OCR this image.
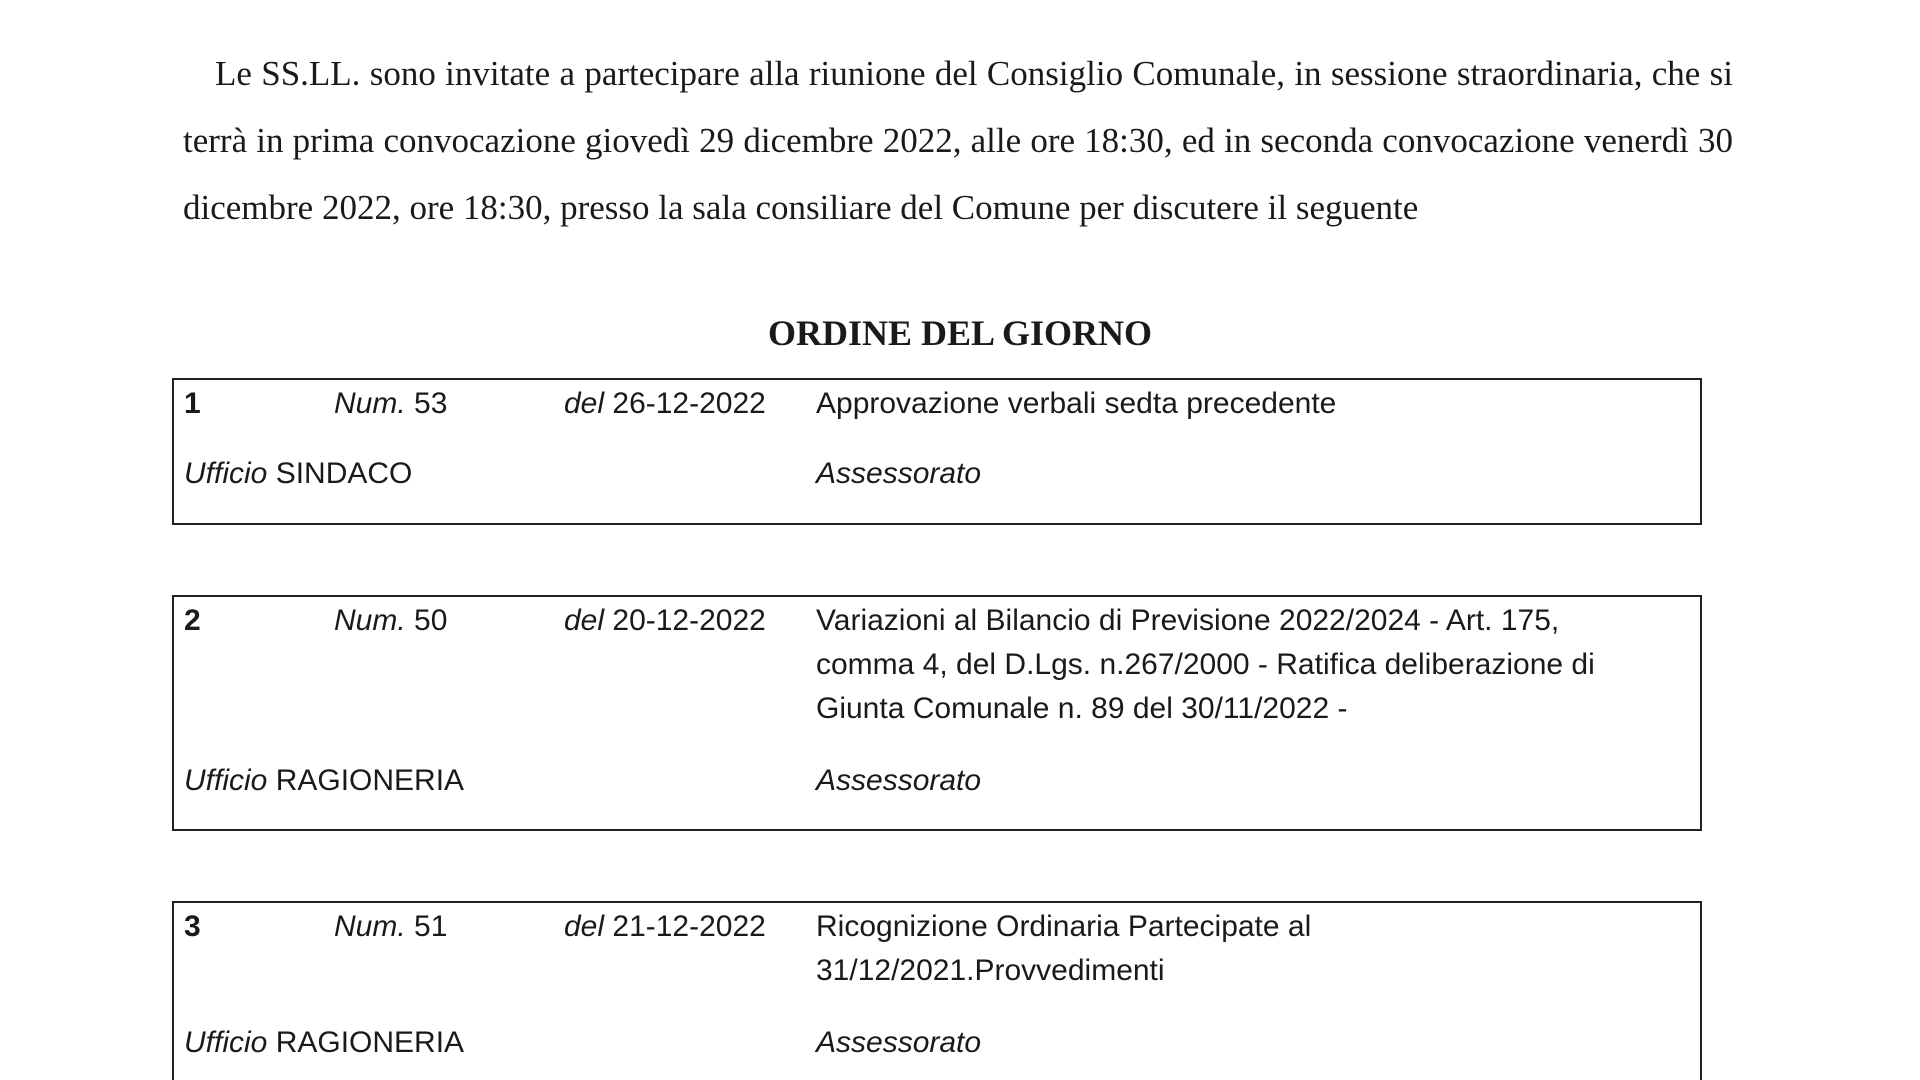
Le SS.LL. sono invitate a partecipare alla riunione del Consiglio Comunale, in sessione straordinaria, che si terrà in prima convocazione giovedì 29 dicembre 2022, alle ore 18:30, ed in seconda convocazione venerdì 30 dicembre 2022, ore 18:30, presso la sala consiliare del Comune per discutere il seguente

ORDINE DEL GIORNO
1	Num. 53	del 26-12-2022 Approvazione verbali sedta precedente
Ufficio SINDACO	Assessorato
2	Num. 50	del 20-12-2022 Variazioni al Bilancio di Previsione 2022/2024 - Art. 175,
comma 4, del D.Lgs. n.267/2000 - Ratifica deliberazione di
Giunta Comunale n. 89 del 30/11/2022 -
Ufficio RAGIONERIA	Assessorato
3	Num. 51	del 21-12-2022 Ricognizione Ordinaria Partecipate al
31/12/2021.Provvedimenti
Ufficio RAGIONERIA	Assessorato
